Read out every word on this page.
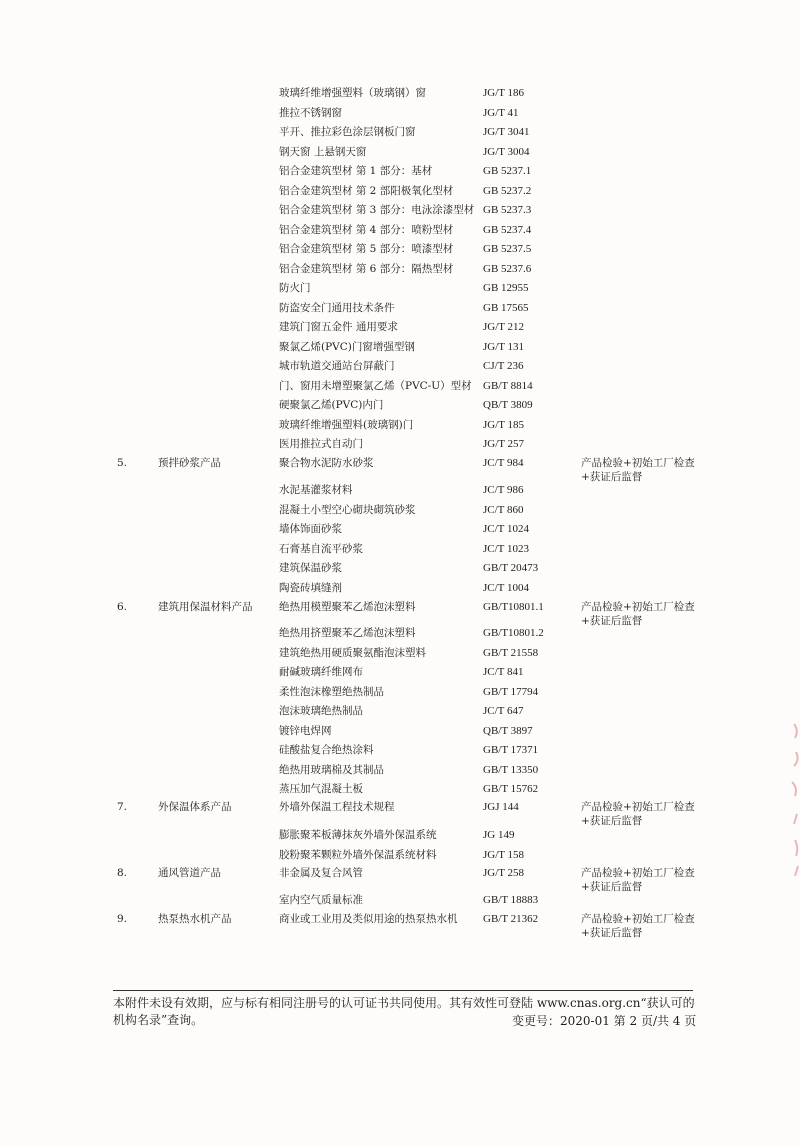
玻璃纤维增强塑料（玻璃钢）窗	JG/T 186
推拉不锈钢窗	JG/T 41
平开、推拉彩色涂层钢板门窗	JG/T 3041
钢天窗 上悬钢天窗	JG/T 3004
铝合金建筑型材 第 1 部分：基材	GB 5237.1
铝合金建筑型材 第 2 部阳极氧化型材	GB 5237.2
铝合金建筑型材 第 3 部分：电泳涂漆型材 GB 5237.3
铝合金建筑型材 第 4 部分：喷粉型材	GB 5237.4
铝合金建筑型材 第 5 部分：喷漆型材	GB 5237.5
铝合金建筑型材 第 6 部分：隔热型材	GB 5237.6
防火门	GB 12955
防盗安全门通用技术条件	GB 17565
建筑门窗五金件 通用要求	JG/T 212
聚氯乙烯(PVC)门窗增强型钢	JG/T 131
城市轨道交通站台屏蔽门	CJ/T 236
门、窗用未增塑聚氯乙烯（PVC-U）型材 GB/T 8814
硬聚氯乙烯(PVC)内门	QB/T 3809
玻璃纤维增强塑料(玻璃钢)门	JG/T 185
医用推拉式自动门	JG/T 257
5.	预拌砂浆产品	聚合物水泥防水砂浆	JC/T 984	产品检验+初始工厂检查+获证后监督
水泥基灌浆材料	JC/T 986
混凝土小型空心砌块砌筑砂浆	JC/T 860
墙体饰面砂浆	JC/T 1024
石膏基自流平砂浆	JC/T 1023
建筑保温砂浆	GB/T 20473
陶瓷砖填缝剂	JC/T 1004
6.	建筑用保温材料产品	绝热用模塑聚苯乙烯泡沫塑料	GB/T10801.1	产品检验+初始工厂检查+获证后监督
绝热用挤塑聚苯乙烯泡沫塑料	GB/T10801.2
建筑绝热用硬质聚氨酯泡沫塑料	GB/T 21558
耐碱玻璃纤维网布	JC/T 841
柔性泡沫橡塑绝热制品	GB/T 17794
泡沫玻璃绝热制品	JC/T 647
镀锌电焊网	QB/T 3897
硅酸盐复合绝热涂料	GB/T 17371
绝热用玻璃棉及其制品	GB/T 13350
蒸压加气混凝土板	GB/T 15762
7.	外保温体系产品	外墙外保温工程技术规程	JGJ 144	产品检验+初始工厂检查+获证后监督
膨胀聚苯板薄抹灰外墙外保温系统	JG 149
胶粉聚苯颗粒外墙外保温系统材料	JG/T 158
8.	通风管道产品	非金属及复合风管	JG/T 258	产品检验+初始工厂检查+获证后监督
室内空气质量标准	GB/T 18883
9.	热泵热水机产品	商业或工业用及类似用途的热泵热水机 GB/T 21362	产品检验+初始工厂检查+获证后监督
本附件未设有效期，应与标有相同注册号的认可证书共同使用。其有效性可登陆 www.cnas.org.cn“获认可的机构名录”查询。	变更号：2020-01 第 2 页/共 4 页
